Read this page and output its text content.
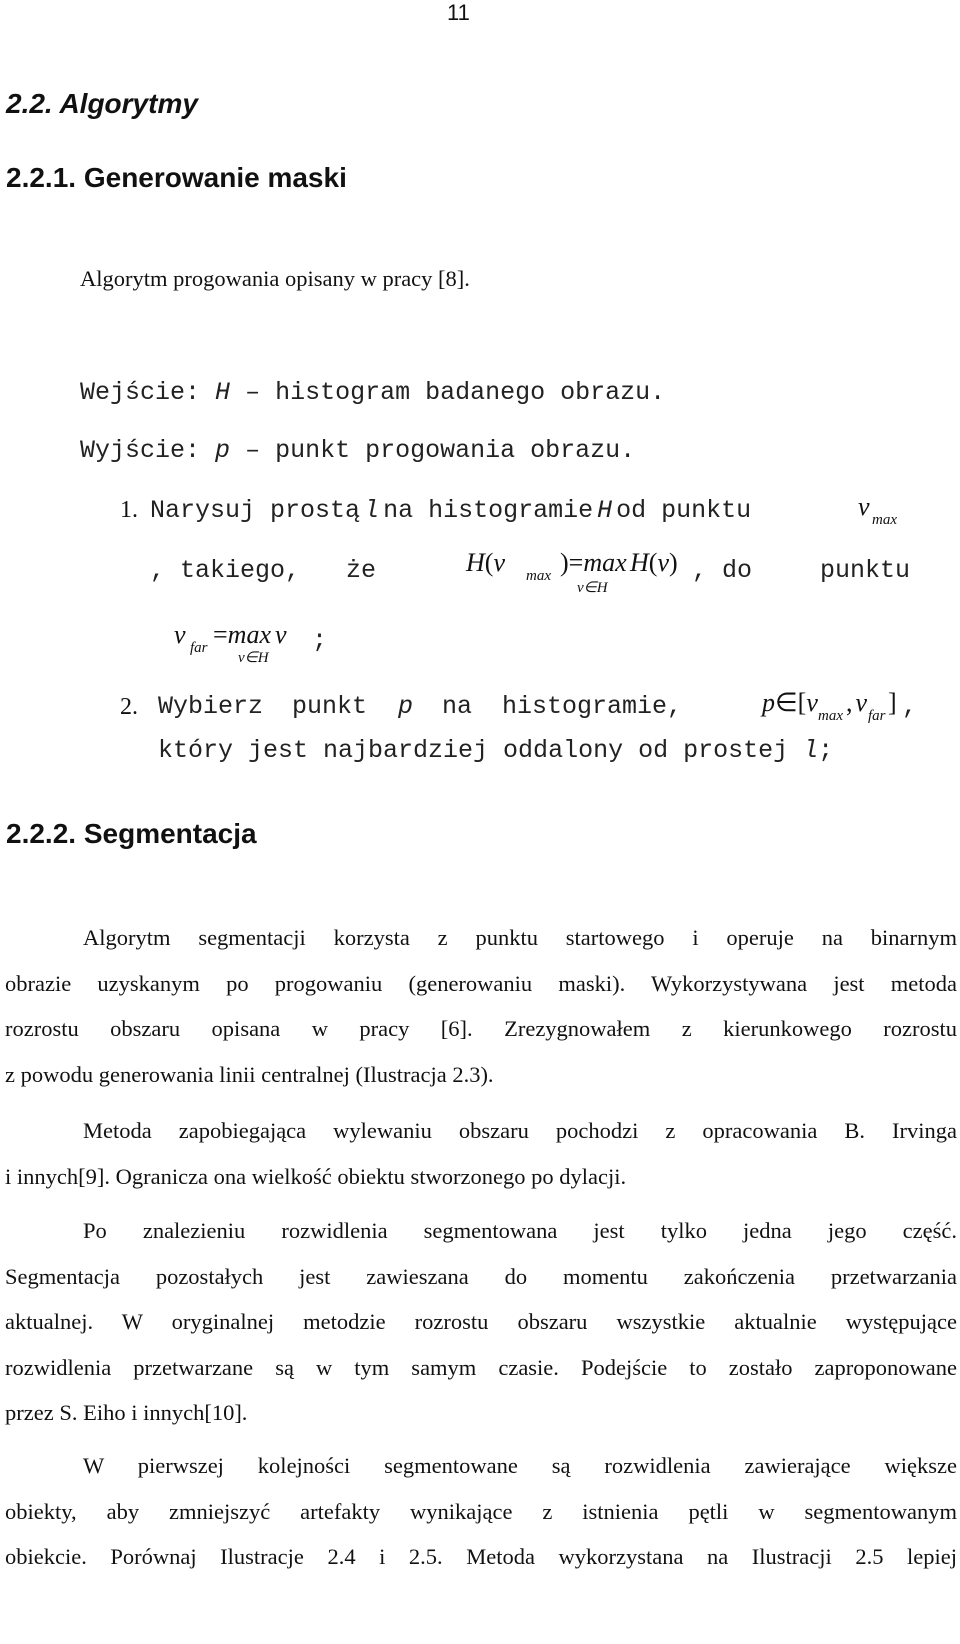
11
2.2. Algorytmy
2.2.1. Generowanie maski
Algorytm progowania opisany w pracy [8].
Wejście: H – histogram badanego obrazu.
Wyjście: p – punkt progowania obrazu.
1. Narysuj prostą l na histogramie H od punktu	v max
, takiego, że	H(v max )=max
v∈H
H(v) , do	punktu
v far =max v
v∈H
;
2. Wybierz punkt p na histogramie,	p∈[v max , v far ] ,
który jest najbardziej oddalony od prostej l;
2.2.2. Segmentacja
Algorytm segmentacji korzysta z punktu startowego i operuje na binarnym
obrazie uzyskanym po progowaniu (generowaniu maski). Wykorzystywana jest metoda
rozrostu obszaru opisana w pracy [6]. Zrezygnowałem z kierunkowego rozrostu
z powodu generowania linii centralnej (Ilustracja 2.3).
Metoda zapobiegająca wylewaniu obszaru pochodzi z opracowania B. Irvinga
i innych[9]. Ogranicza ona wielkość obiektu stworzonego po dylacji.
Po znalezieniu rozwidlenia segmentowana jest tylko jedna jego część.
Segmentacja pozostałych jest zawieszana do momentu zakończenia przetwarzania
aktualnej. W oryginalnej metodzie rozrostu obszaru wszystkie aktualnie występujące
rozwidlenia przetwarzane są w tym samym czasie. Podejście to zostało zaproponowane
przez S. Eiho i innych[10].
W pierwszej kolejności segmentowane są rozwidlenia zawierające większe
obiekty, aby zmniejszyć artefakty wynikające z istnienia pętli w segmentowanym
obiekcie. Porównaj Ilustracje 2.4 i 2.5. Metoda wykorzystana na Ilustracji 2.5 lepiej
